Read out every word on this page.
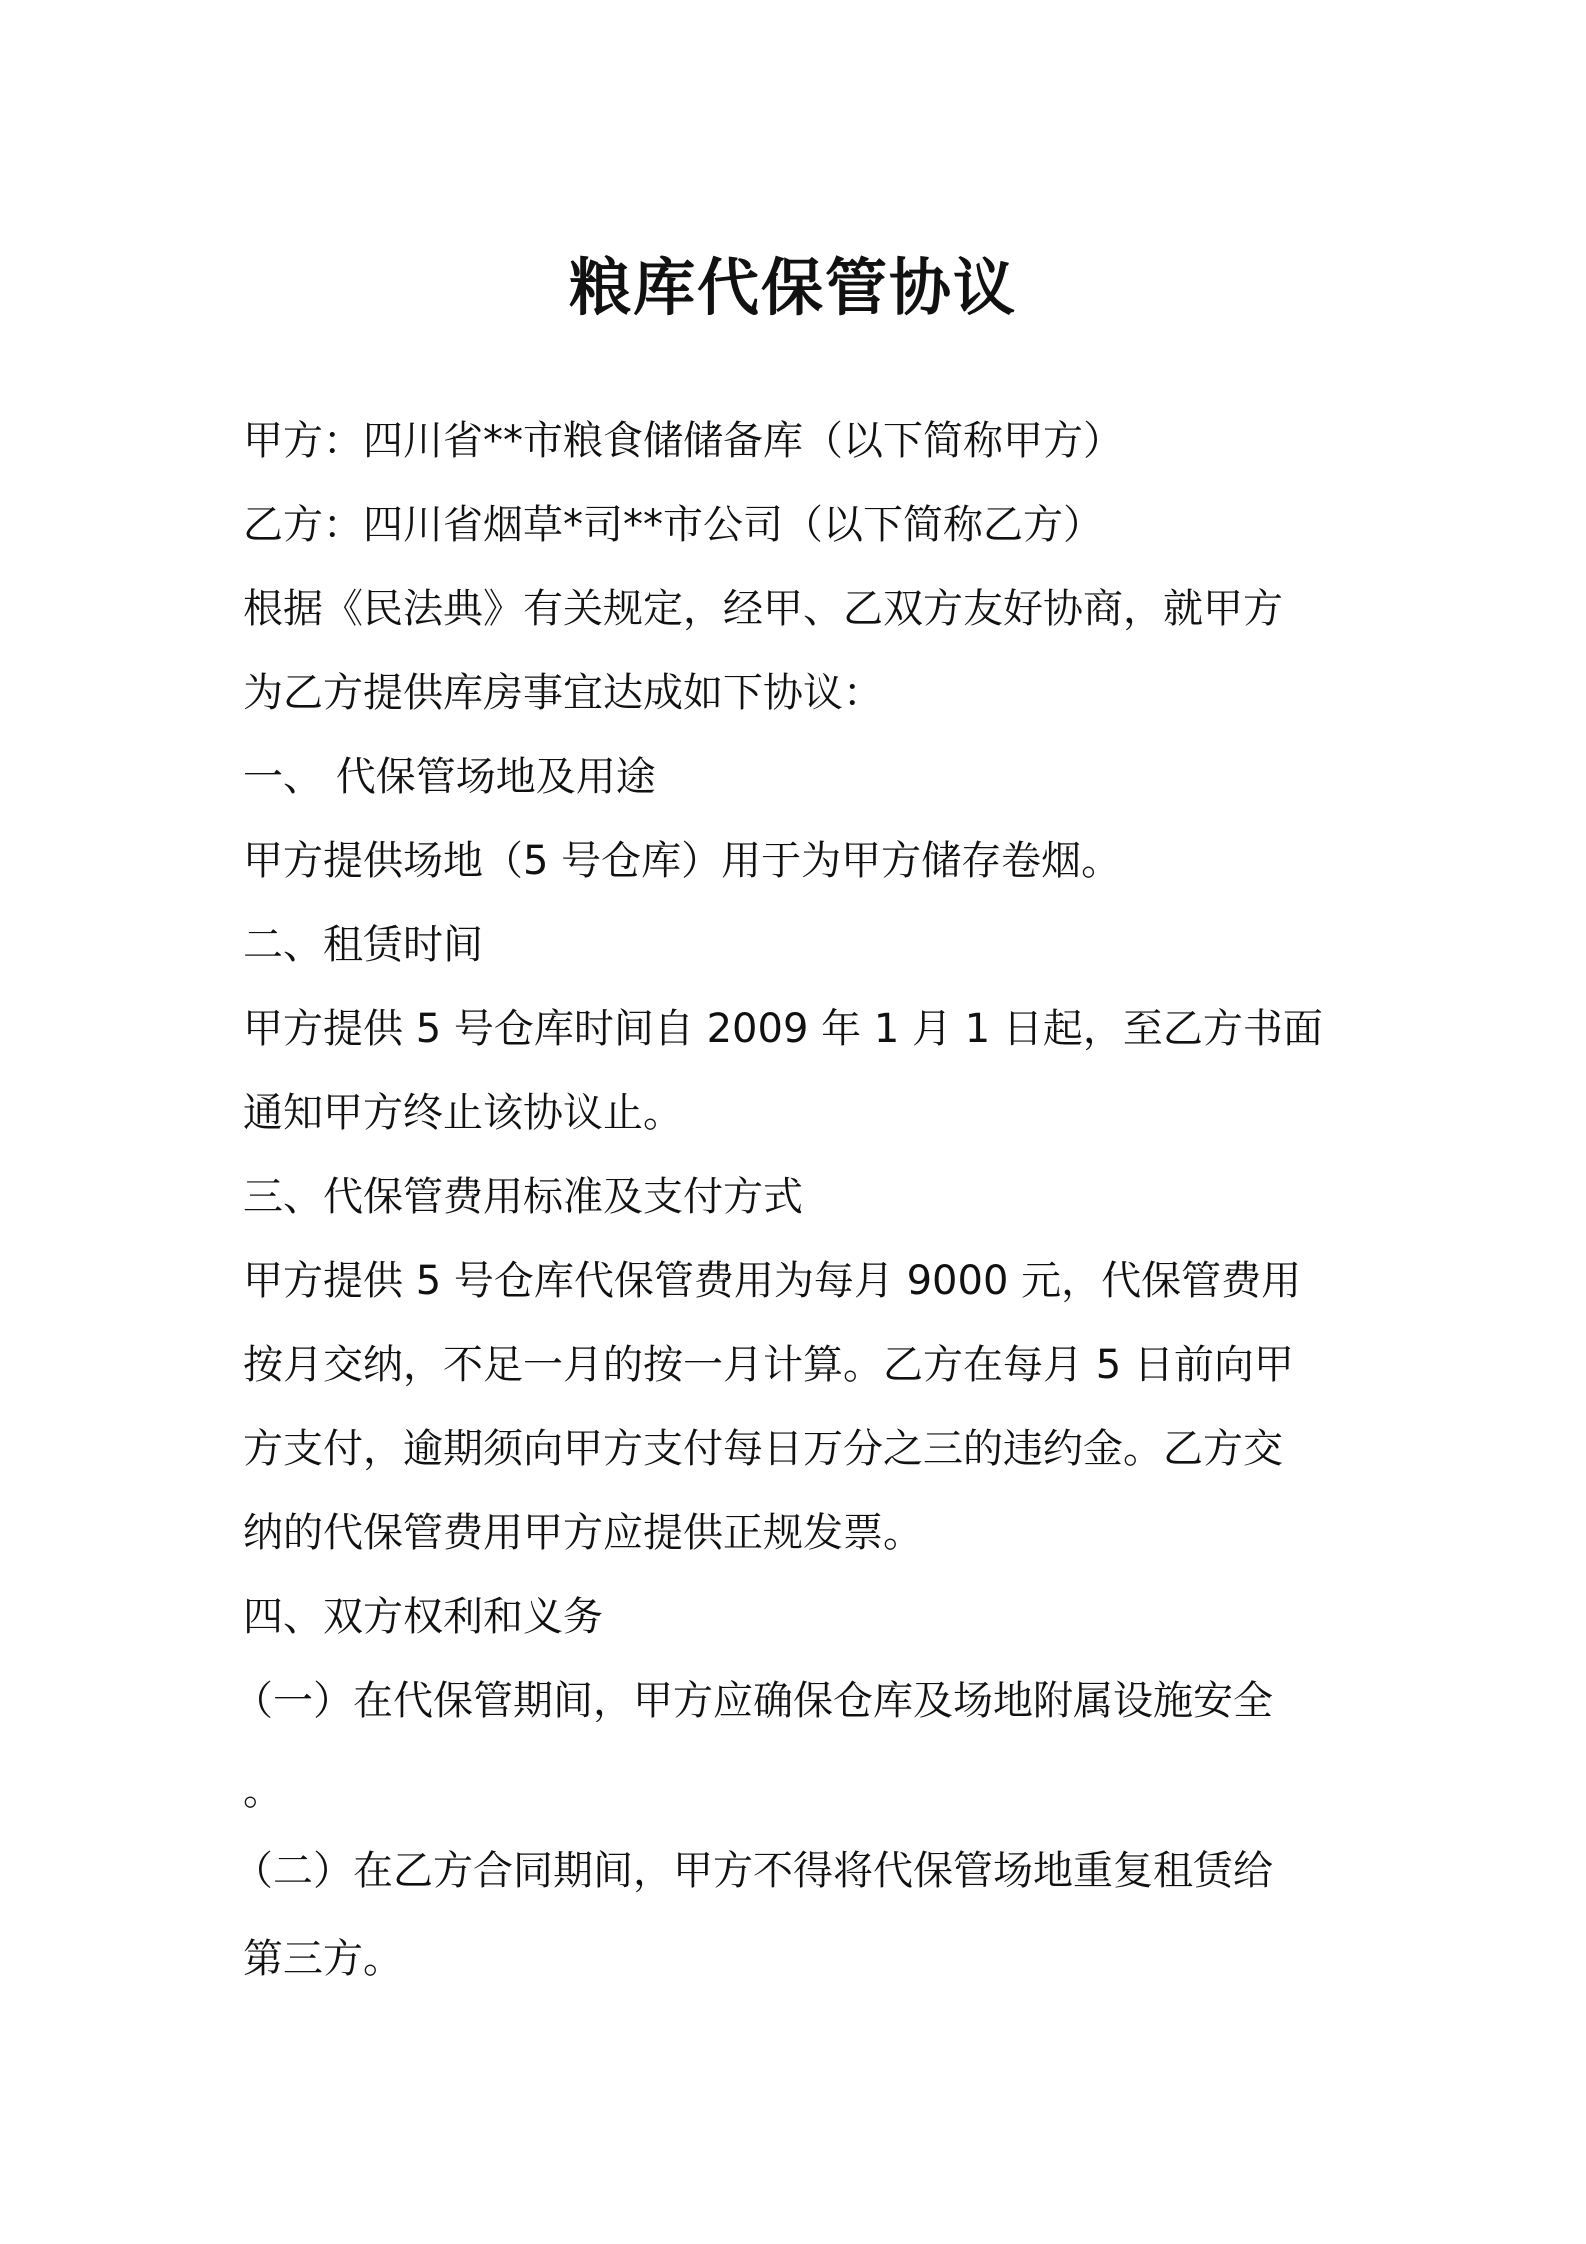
粮库代保管协议

甲方：四川省**市粮食储储备库（以下简称甲方）

乙方：四川省烟草*司**市公司（以下简称乙方）

根据《民法典》有关规定，经甲、乙双方友好协商，就甲方

为乙方提供库房事宜达成如下协议：

一、 代保管场地及用途

甲方提供场地（5 号仓库）用于为甲方储存卷烟。

二、租赁时间

甲方提供 5 号仓库时间自 2009 年 1 月 1 日起，至乙方书面

通知甲方终止该协议止。

三、代保管费用标准及支付方式

甲方提供 5 号仓库代保管费用为每月 9000 元，代保管费用

按月交纳，不足一月的按一月计算。乙方在每月 5 日前向甲

方支付，逾期须向甲方支付每日万分之三的违约金。乙方交

纳的代保管费用甲方应提供正规发票。

四、双方权利和义务

（一）在代保管期间，甲方应确保仓库及场地附属设施安全

。

（二）在乙方合同期间，甲方不得将代保管场地重复租赁给

第三方。
